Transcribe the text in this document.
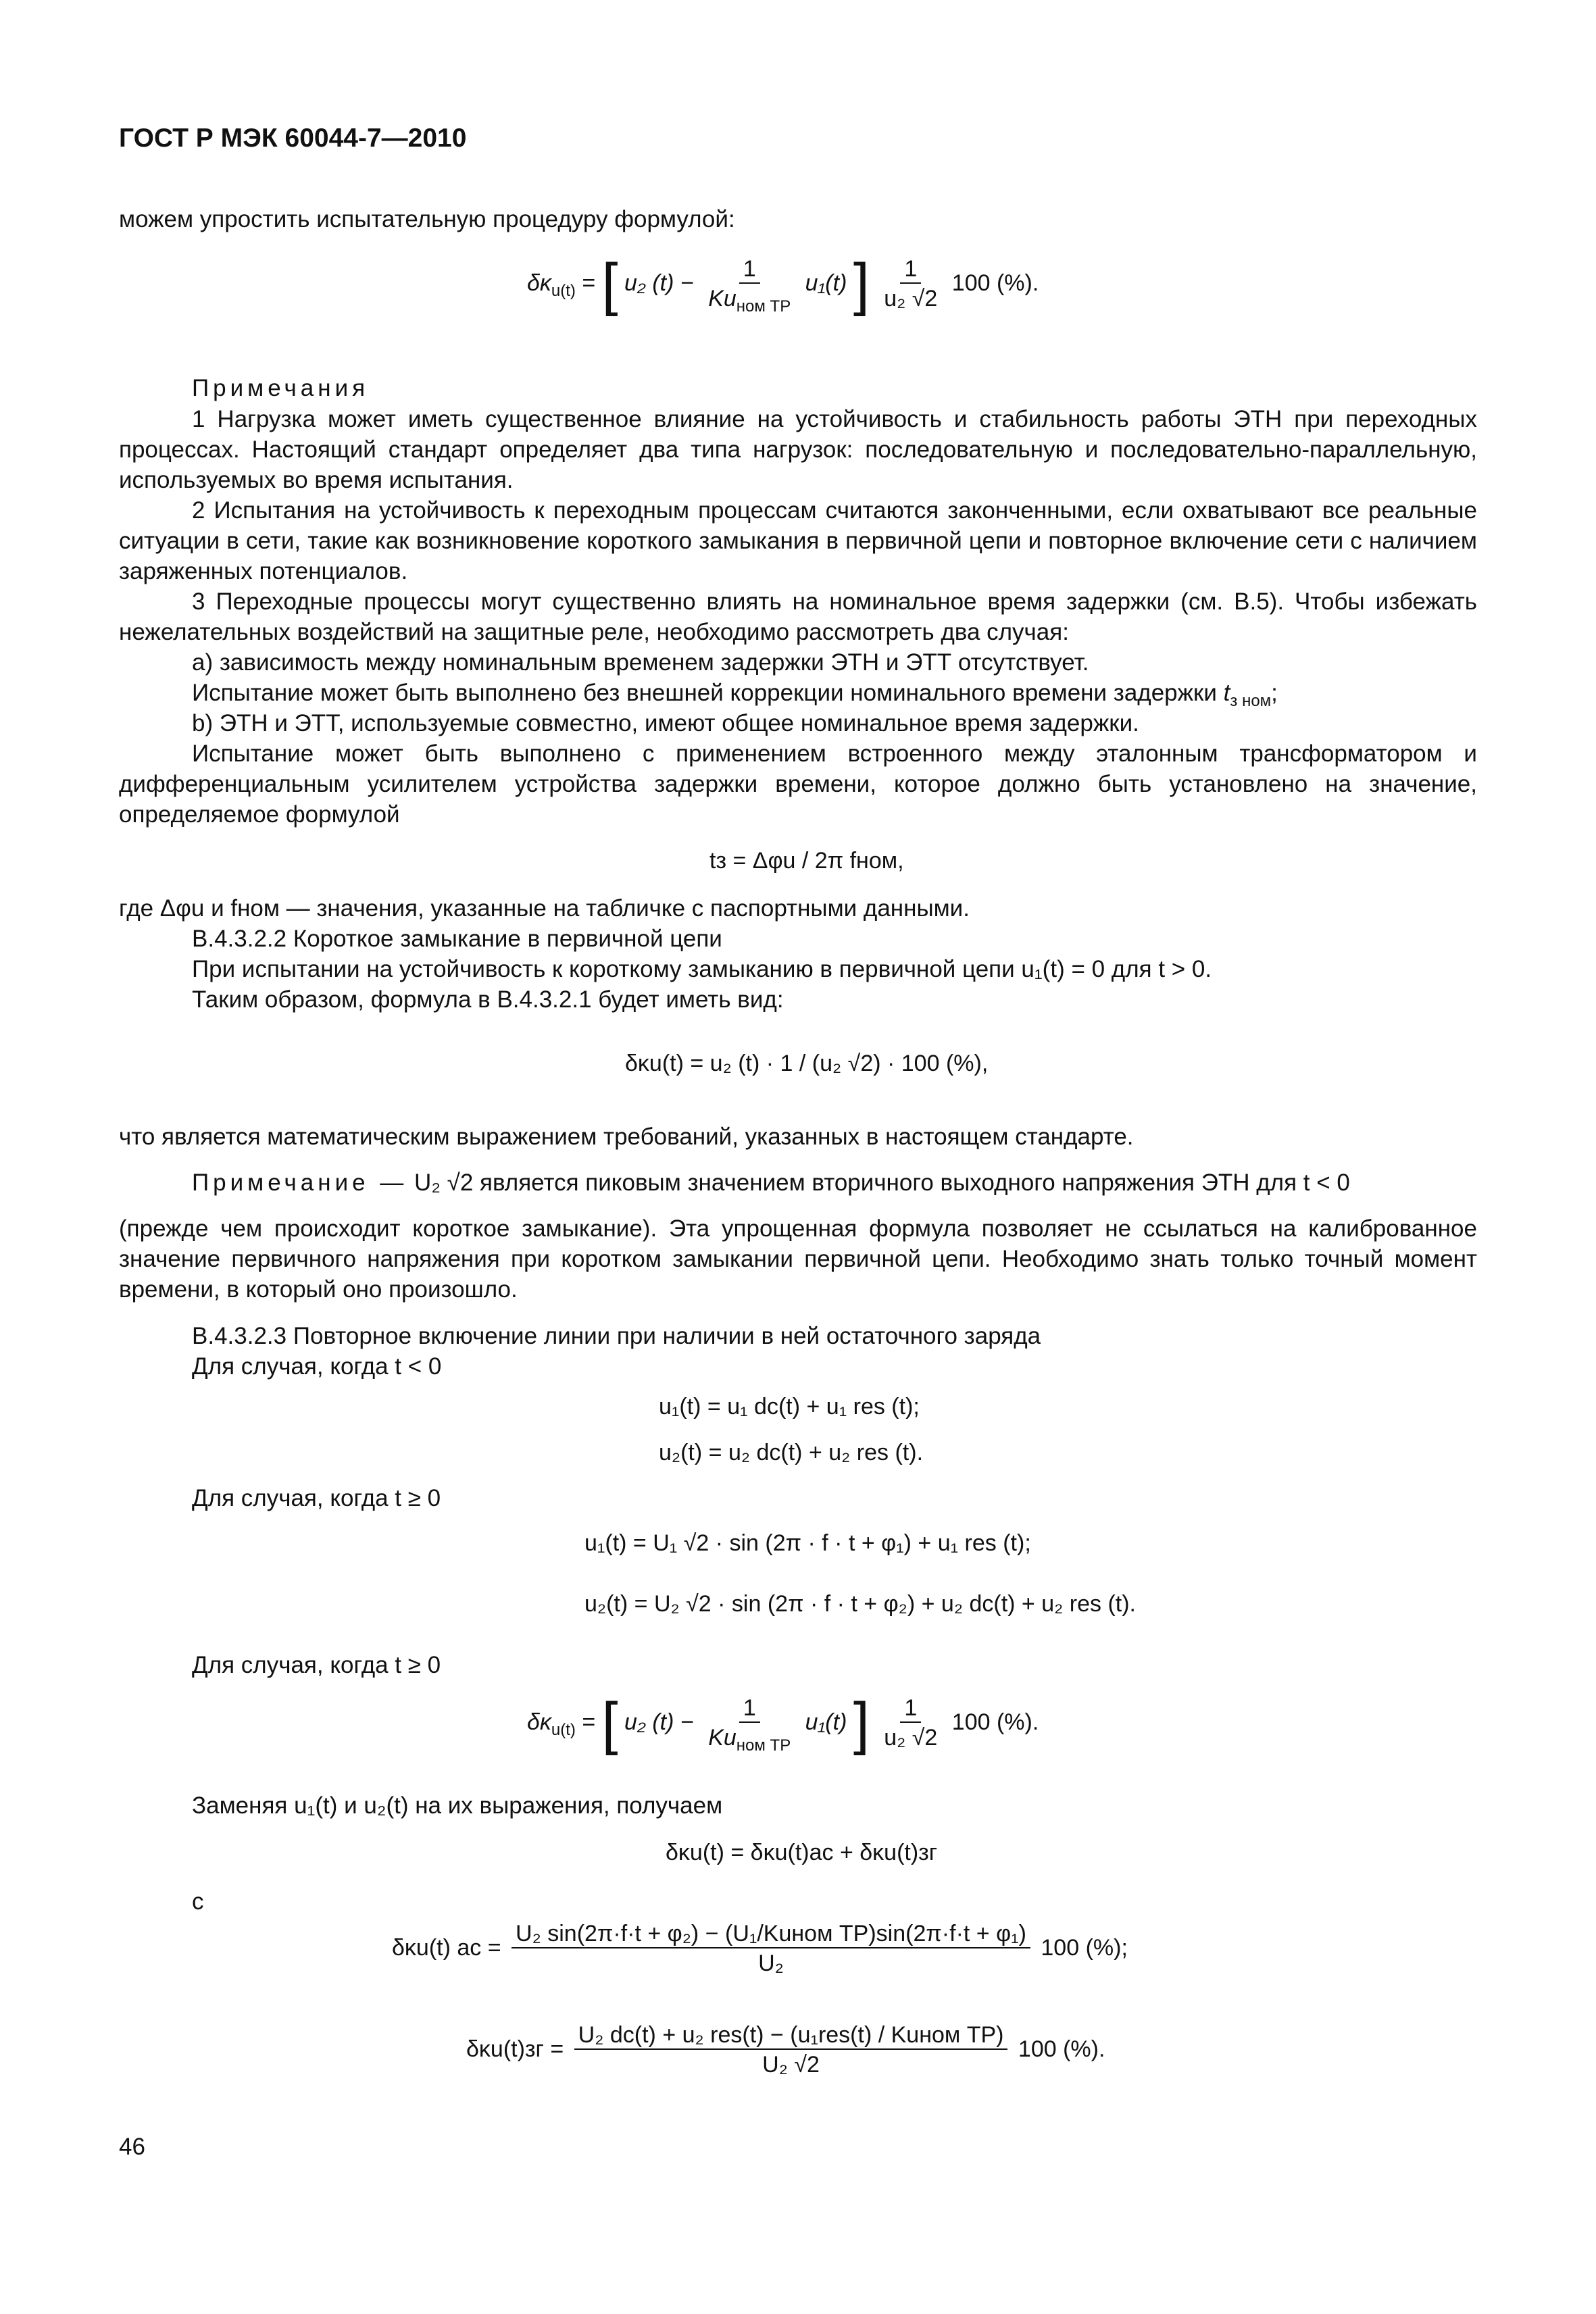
ГОСТ Р МЭК 60044-7—2010
можем упростить испытательную процедуру формулой:
$\delta\kappa_{u(t)}$ = [ u₂ $(t) - \frac{1}{Ku_{ном ТР}} u_1(t)$ ] $\frac{1}{\text{u₂ √2}} 100$ (%).
Примечания
1 Нагрузка может иметь существенное влияние на устойчивость и стабильность работы ЭТН при переходных процессах. Настоящий стандарт определяет два типа нагрузок: последовательную и последовательно-параллельную, используемых во время испытания.
2 Испытания на устойчивость к переходным процессам считаются законченными, если охватывают все реальные ситуации в сети, такие как возникновение короткого замыкания в первичной цепи и повторное включение сети с наличием заряженных потенциалов.
3 Переходные процессы могут существенно влиять на номинальное время задержки (см. В.5). Чтобы избежать нежелательных воздействий на защитные реле, необходимо рассмотреть два случая:
а) зависимость между номинальным временем задержки ЭТН и ЭТТ отсутствует.
Испытание может быть выполнено без внешней коррекции номинального времени задержки $t_{з ном}$;
b) ЭТН и ЭТТ, используемые совместно, имеют общее номинальное время задержки.
Испытание может быть выполнено с применением встроенного между эталонным трансформатором и дифференциальным усилителем устройства задержки времени, которое должно быть установлено на значение, определяемое формулой
tз = Δφu / 2π fном,
где Δφu и fном — значения, указанные на табличке с паспортными данными.
В.4.3.2.2 Короткое замыкание в первичной цепи
При испытании на устойчивость к короткому замыканию в первичной цепи u₁(t) = 0 для t > 0.
Таким образом, формула в В.4.3.2.1 будет иметь вид:
δκu(t) = u₂ (t) · 1 / (u₂ √2) · 100 (%),
что является математическим выражением требований, указанных в настоящем стандарте.
Примечание — U₂ √2 является пиковым значением вторичного выходного напряжения ЭТН для t < 0
(прежде чем происходит короткое замыкание). Эта упрощенная формула позволяет не ссылаться на калиброванное значение первичного напряжения при коротком замыкании первичной цепи. Необходимо знать только точный момент времени, в который оно произошло.
В.4.3.2.3 Повторное включение линии при наличии в ней остаточного заряда
Для случая, когда t < 0
u₁(t) = u₁ dc(t) + u₁ res (t);
u₂(t) = u₂ dc(t) + u₂ res (t).
Для случая, когда t ≥ 0
u₁(t) = U₁ √2 · sin (2π · f · t + φ₁) + u₁ res (t);
u₂(t) = U₂ √2 · sin (2π · f · t + φ₂) + u₂ dc(t) + u₂ res (t).
Для случая, когда t ≥ 0
$\delta\kappa_{u(t)}$ = [ u₂ $(t) - \frac{1}{Ku_{ном ТР}} u_1(t)$ ] $\frac{1}{\text{u₂ √2}} 100$ (%).
Заменяя u₁(t) и u₂(t) на их выражения, получаем
δκu(t) = δκu(t)ac + δκu(t)зг
с
δκu(t) ac = $\frac{\text{U₂ sin(2π·f·t + φ₂) − (U₁/Kuном ТР)sin(2π·f·t + φ₁)}}{\text{U₂}} 100$ (%);
$\delta\kappa u(t)зг = \frac{\text{U₂ dc(t) + u₂ res(t) − (u₁res(t) / Kuном ТР)}}{\text{U₂ √2}} 100$ (%).
46
